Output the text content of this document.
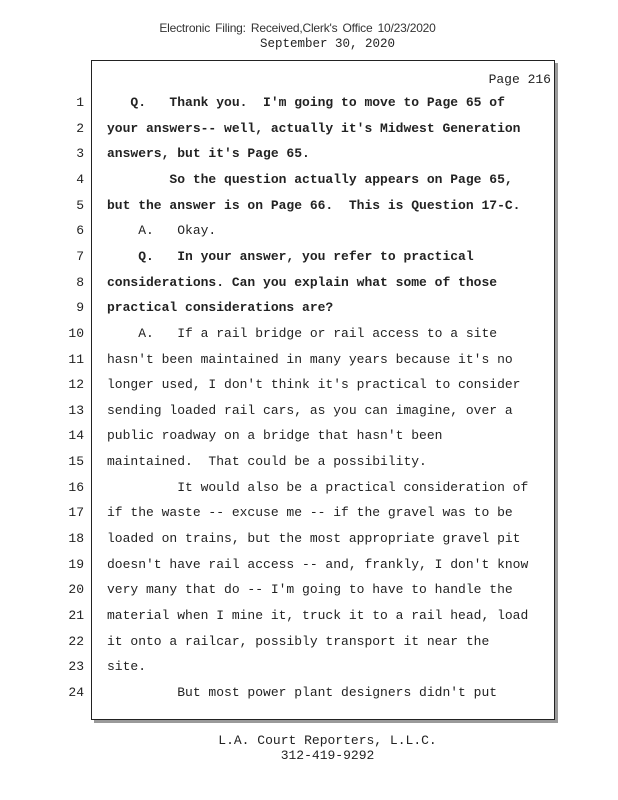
Electronic Filing: Received,Clerk's Office 10/23/2020
September 30, 2020
Page 216
1 Q.   Thank you.  I'm going to move to Page 65 of
2 your answers-- well, actually it's Midwest Generation
3 answers, but it's Page 65.
4 So the question actually appears on Page 65,
5 but the answer is on Page 66.  This is Question 17-C.
6 A.   Okay.
7 Q.   In your answer, you refer to practical
8 considerations. Can you explain what some of those
9 practical considerations are?
10 A.   If a rail bridge or rail access to a site
11 hasn't been maintained in many years because it's no
12 longer used, I don't think it's practical to consider
13 sending loaded rail cars, as you can imagine, over a
14 public roadway on a bridge that hasn't been
15 maintained.  That could be a possibility.
16 It would also be a practical consideration of
17 if the waste -- excuse me -- if the gravel was to be
18 loaded on trains, but the most appropriate gravel pit
19 doesn't have rail access -- and, frankly, I don't know
20 very many that do -- I'm going to have to handle the
21 material when I mine it, truck it to a rail head, load
22 it onto a railcar, possibly transport it near the
23 site.
24 But most power plant designers didn't put
L.A. Court Reporters, L.L.C.
312-419-9292
